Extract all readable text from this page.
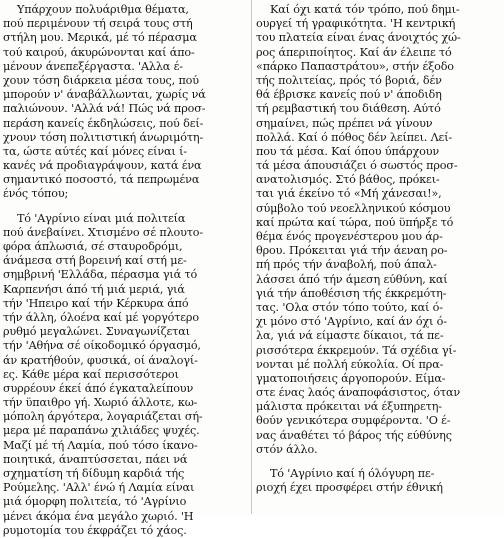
Υπάρχουν πολυάριθμα θέματα,
πού περιμένουν τή σειρά τους στή
στήλη μου. Μερικά, μέ τό πέρασμα
τού καιρού, άκυρώνονται καί άπο-
μένουν άνεπεξέργαστα. 'Αλλα έ-
χουν τόση διάρκεια μέσα τους, πού
μπορούν ν' άναβάλλωνται, χωρίς νά
παλιώνουν. 'Αλλά νά! Πώς νά προσ-
περάση κανείς έκδηλώσεις, πού δεί-
χνουν τόση πολιτιστική άνωριμότη-
τα, ώστε αύτές καί μόνες είναι ί-
κανές νά προδιαγράψουν, κατά ένα
σημαντικό ποσοστό, τά πεπρωμένα
ένός τόπου;
Τό 'Αγρίνιο είναι μιά πολιτεία
πού άνεβαίνει. Χτισμένο σέ πλουτο-
φόρα άπλωσιά, σέ σταυροδρόμι,
άνάμεσα στή βορεινή καί στή με-
σημβρινή 'Ελλάδα, πέρασμα γιά τό
Καρπενήσι άπό τή μιά μεριά, γιά
τήν 'Ηπειρο καί τήν Κέρκυρα άπό
τήν άλλη, όλοένα καί μέ γοργότερο
ρυθμό μεγαλώνει. Συναγωνίζεται
τήν 'Αθήνα σέ οίκοδομικό όργασμό,
άν κρατήθούν, φυσικά, οί άναλογί-
ες. Κάθε μέρα καί περισσότεροι
συρρέουν έκεί άπό έγκαταλείπουν
τήν ϋπαιθρο γή. Χωριό άλλοτε, κω-
μόπολη άργότερα, λογαριάζεται σή-
μερα μέ παραπάνω χιλιάδες ψυχές.
Μαζί μέ τή Λαμία, πού τόσο ίκανο-
ποιητικά, άναπτύσσεται, πάει νά
σχηματίση τή δίδυμη καρδιά τής
Ρούμελης. 'Αλλ' ένώ ή Λαμία είναι
μιά όμορφη πολιτεία, τό 'Αγρίνιο
μένει άκόμα ένα μεγάλο χωριό. 'Η
ρυμοτομία του έκφράζει τό χάος.
Καί όχι κατά τόν τρόπο, πού δημι-
ουργεί τή γραφικότητα. 'Η κεντρική
του πλατεία είναι ένας άνοιχτός χώ-
ρος άπεριποίητος. Καί άν έλειπε τό
«πάρκο Παπαστράτου», στήν έξοδο
τής πολιτείας, πρός τό βοριά, δέν
θά έβρισκε κανείς πού ν' άποδιδη
τή ρεμβαστική του διάθεση. Αύτό
σημαίνει, πώς πρέπει νά γίνουν
πολλά. Καί ό πόθος δέν λείπει. Λεί-
που τά μέσα. Καί όπου ύπάρχουν
τά μέσα άπουσιάζει ό σωστός προσ-
ανατολισμός. Στό βάθος, πρόκει-
ται γιά έκείνο τό «Μή χάνεσαι!»,
σύμβολο τού νεοελληνικού κόσμου
καί πρώτα καί τώρα, πού ϋπήρξε τό
θέμα ένός προγενέστερου μου άρ-
θρου. Πρόκειται γιά τήν άεναη ρο-
πή πρός τήν άναβολή, πού άπαλ-
λάσσει άπό τήν άμεση εύθύνη, καί
γιά τήν άποθέσιση τής έκκρεμότη-
τας. 'Ολα στόν τόπο τούτο, καί ό-
χι μόνο στό 'Αγρίνιο, καί άν όχι ό-
λα, γιά νά είμαστε δίκαιοι, τά πε-
ρισσότερα έκκρεμούν. Τά σχέδια γί-
νονται μέ πολλή εύκολία. Οί πρα-
γματοποιήσεις άργοπορούν. Είμα-
στε ένας λαός άναποφάσιστος, όταν
μάλιστα πρόκειται νά έξυπηρετη-
θούν γενικότερα συμφέροντα. 'Ο έ-
νας άναθέτει τό βάρος τής εύθύνης
στόν άλλο.
Τό 'Αγρίνιο καί ή όλόγυρη πε-
ριοχή έχει προσφέρει στήν έθνική
